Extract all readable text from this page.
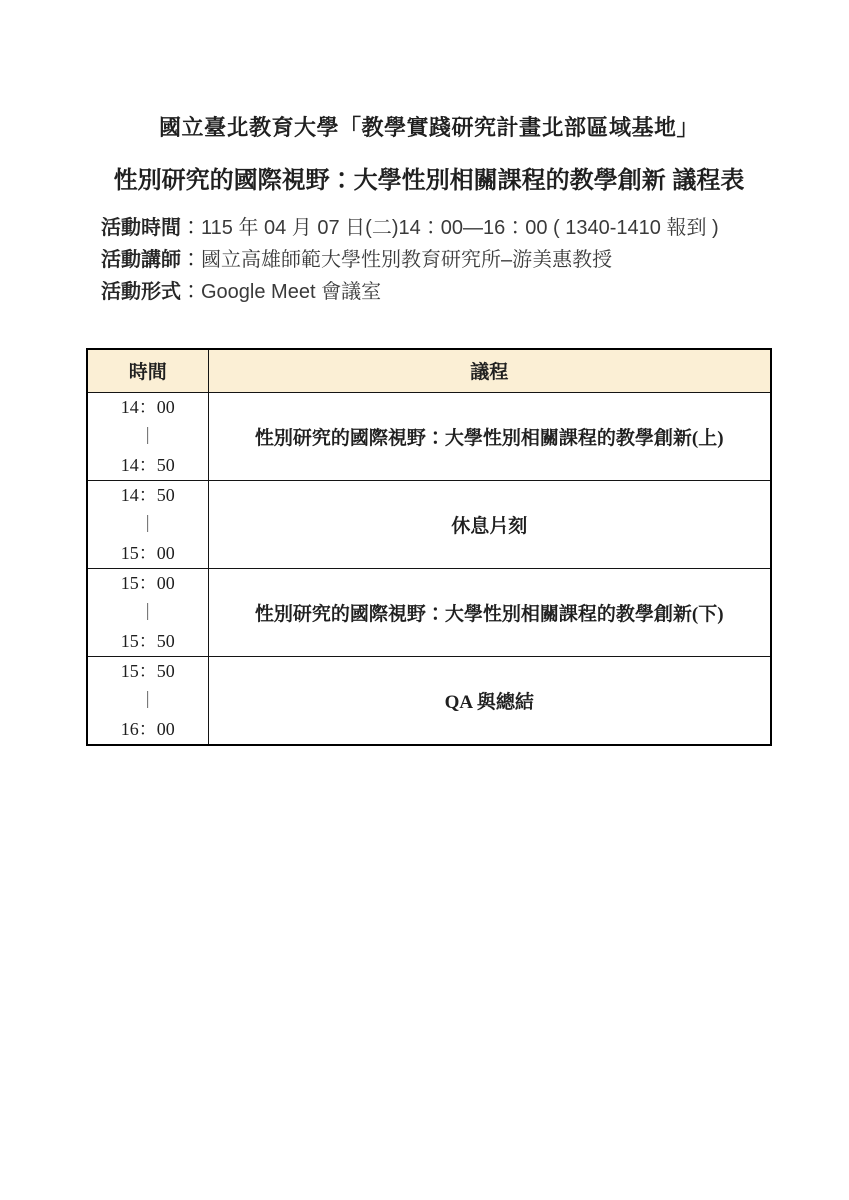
國立臺北教育大學「教學實踐研究計畫北部區域基地」
性別研究的國際視野：大學性別相關課程的教學創新 議程表
活動時間：115 年 04 月 07 日(二)14：00—16：00 ( 1340-1410 報到 )
活動講師：國立高雄師範大學性別教育研究所–游美惠教授
活動形式：Google Meet 會議室
時間	議程

14：00
｜
14：50	性別研究的國際視野：大學性別相關課程的教學創新(上)

14：50
｜
15：00	休息片刻

15：00
｜
15：50	性別研究的國際視野：大學性別相關課程的教學創新(下)

15：50
｜
16：00	QA 與總結
